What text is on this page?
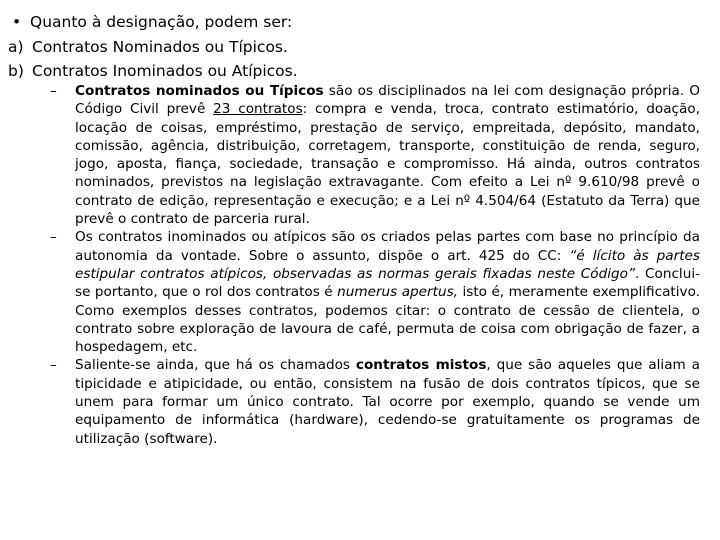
• Quanto à designação, podem ser:
a) Contratos Nominados ou Típicos.
b) Contratos Inominados ou Atípicos.

– Contratos nominados ou Típicos são os disciplinados na lei com designação própria. O Código Civil prevê 23 contratos: compra e venda, troca, contrato estimatório, doação, locação de coisas, empréstimo, prestação de serviço, empreitada, depósito, mandato, comissão, agência, distribuição, corretagem, transporte, constituição de renda, seguro, jogo, aposta, fiança, sociedade, transação e compromisso. Há ainda, outros contratos nominados, previstos na legislação extravagante. Com efeito a Lei nº 9.610/98 prevê o contrato de edição, representação e execução; e a Lei nº 4.504/64 (Estatuto da Terra) que prevê o contrato de parceria rural.

– Os contratos inominados ou atípicos são os criados pelas partes com base no princípio da autonomia da vontade. Sobre o assunto, dispõe o art. 425 do CC: “é lícito às partes estipular contratos atípicos, observadas as normas gerais fixadas neste Código”. Conclui-se portanto, que o rol dos contratos é numerus apertus, isto é, meramente exemplificativo. Como exemplos desses contratos, podemos citar: o contrato de cessão de clientela, o contrato sobre exploração de lavoura de café, permuta de coisa com obrigação de fazer, a hospedagem, etc.

– Saliente-se ainda, que há os chamados contratos mistos, que são aqueles que aliam a tipicidade e atipicidade, ou então, consistem na fusão de dois contratos típicos, que se unem para formar um único contrato. Tal ocorre por exemplo, quando se vende um equipamento de informática (hardware), cedendo-se gratuitamente os programas de utilização (software).
